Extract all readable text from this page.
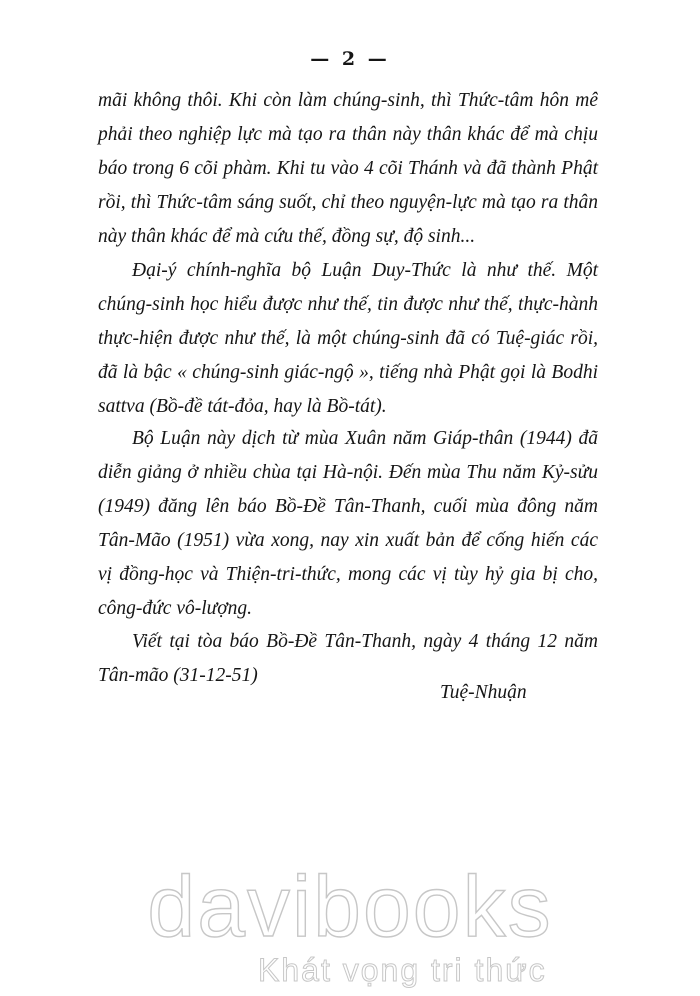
— 2 —

mãi không thôi. Khi còn làm chúng-sinh, thì Thức-tâm hôn mê phải theo nghiệp lực mà tạo ra thân này thân khác để mà chịu báo trong 6 cõi phàm. Khi tu vào 4 cõi Thánh và đã thành Phật rồi, thì Thức-tâm sáng suốt, chỉ theo nguyện-lực mà tạo ra thân này thân khác để mà cứu thế, đồng sự, độ sinh...

Đại-ý chính-nghĩa bộ Luận Duy-Thức là như thế. Một chúng-sinh học hiểu được như thế, tin được như thế, thực-hành thực-hiện được như thế, là một chúng-sinh đã có Tuệ-giác rồi, đã là bậc « chúng-sinh giác-ngộ », tiếng nhà Phật gọi là Bodhi sattva (Bồ-đề tát-đỏa, hay là Bồ-tát).

Bộ Luận này dịch từ mùa Xuân năm Giáp-thân (1944) đã diễn giảng ở nhiều chùa tại Hà-nội. Đến mùa Thu năm Kỷ-sửu (1949) đăng lên báo Bồ-Đề Tân-Thanh, cuối mùa đông năm Tân-Mão (1951) vừa xong, nay xin xuất bản để cống hiến các vị đồng-học và Thiện-tri-thức, mong các vị tùy hỷ gia bị cho, công-đức vô-lượng.

Viết tại tòa báo Bồ-Đề Tân-Thanh, ngày 4 tháng 12 năm Tân-mão (31-12-51)

Tuệ-Nhuận
davibooks
Khát vọng tri thức
